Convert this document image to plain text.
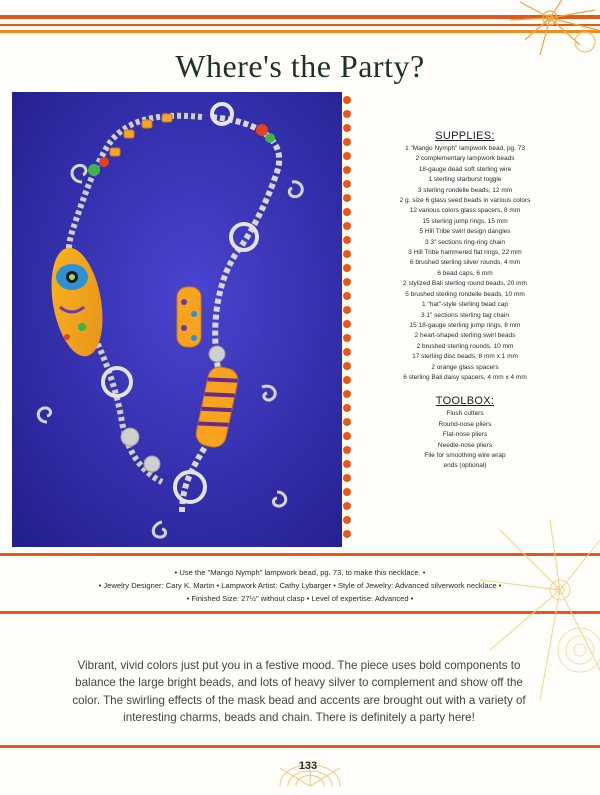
Where's the Party?

SUPPLIES:

1 "Mango Nymph" lampwork bead, pg. 73

2 complementary lampwork beads

18-gauge dead soft sterling wire

1 sterling starburst toggle

3 sterling rondelle beads, 12 mm

2 g. size 6 glass seed beads in various colors

12 various colors glass spacers, 8 mm

15 sterling jump rings, 15 mm

5 Hill Tribe swirl design dangles

3 3" sections ring-ring chain

3 Hill Tribe hammered flat rings, 22 mm

6 brushed sterling silver rounds, 4 mm

6 bead caps, 6 mm

2 stylized Bali sterling round beads, 20 mm

5 brushed sterling rondelle beads, 10 mm

1 "hat"-style sterling bead cap

3 1" sections sterling tag chain

15 18-gauge sterling jump rings, 8 mm

2 heart-shaped sterling swirl beads

2 brushed sterling rounds, 10 mm

17 sterling disc beads, 8 mm x 1 mm

2 orange glass spacers

6 sterling Bali daisy spacers, 4 mm x 4 mm

TOOLBOX:

Flush cutters

Round-nose pliers

Flat-nose pliers

Needle-nose pliers

File for smoothing wire wrap

ends (optional)

• Use the "Mango Nymph" lampwork bead, pg. 73, to make this necklace. •

• Jewelry Designer: Cary K. Martin • Lampwork Artist: Cathy Lybarger • Style of Jewelry: Advanced silverwork necklace •

• Finished Size: 27½" without clasp • Level of expertise: Advanced •

Vibrant, vivid colors just put you in a festive mood. The piece uses bold components to balance the large bright beads, and lots of heavy silver to complement and show off the color. The swirling effects of the mask bead and accents are brought out with a variety of interesting charms, beads and chain. There is definitely a party here!

133
